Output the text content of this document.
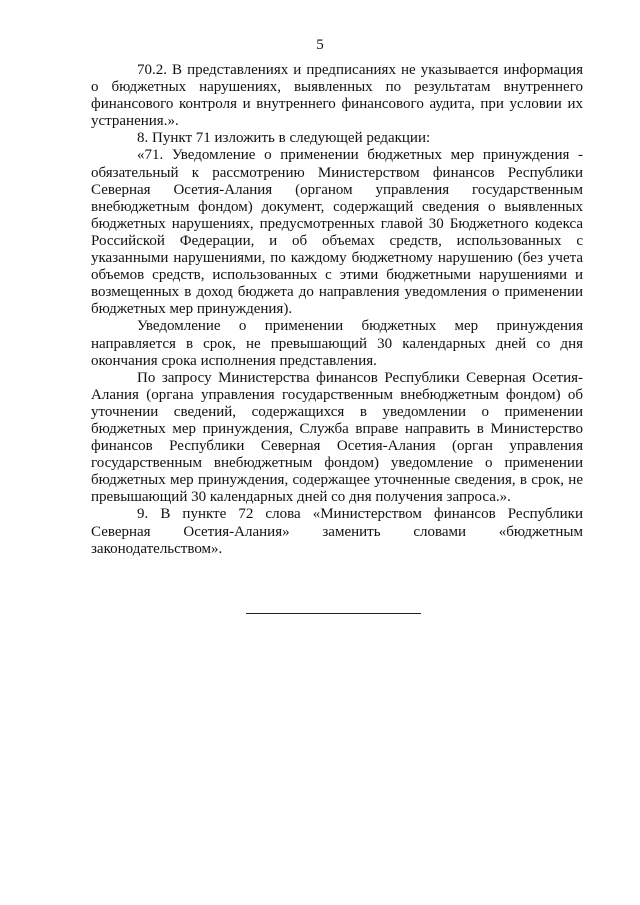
5

70.2. В представлениях и предписаниях не указывается информация о бюджетных нарушениях, выявленных по результатам внутреннего финансового контроля и внутреннего финансового аудита, при условии их устранения.».

8. Пункт 71 изложить в следующей редакции:

«71. Уведомление о применении бюджетных мер принуждения - обязательный к рассмотрению Министерством финансов Республики Северная Осетия-Алания (органом управления государственным внебюджетным фондом) документ, содержащий сведения о выявленных бюджетных нарушениях, предусмотренных главой 30 Бюджетного кодекса Российской Федерации, и об объемах средств, использованных с указанными нарушениями, по каждому бюджетному нарушению (без учета объемов средств, использованных с этими бюджетными нарушениями и возмещенных в доход бюджета до направления уведомления о применении бюджетных мер принуждения).

Уведомление о применении бюджетных мер принуждения направляется в срок, не превышающий 30 календарных дней со дня окончания срока исполнения представления.

По запросу Министерства финансов Республики Северная Осетия-Алания (органа управления государственным внебюджетным фондом) об уточнении сведений, содержащихся в уведомлении о применении бюджетных мер принуждения, Служба вправе направить в Министерство финансов Республики Северная Осетия-Алания (орган управления государственным внебюджетным фондом) уведомление о применении бюджетных мер принуждения, содержащее уточненные сведения, в срок, не превышающий 30 календарных дней со дня получения запроса.».

9. В пункте 72 слова «Министерством финансов Республики Северная Осетия-Алания» заменить словами «бюджетным законодательством».
